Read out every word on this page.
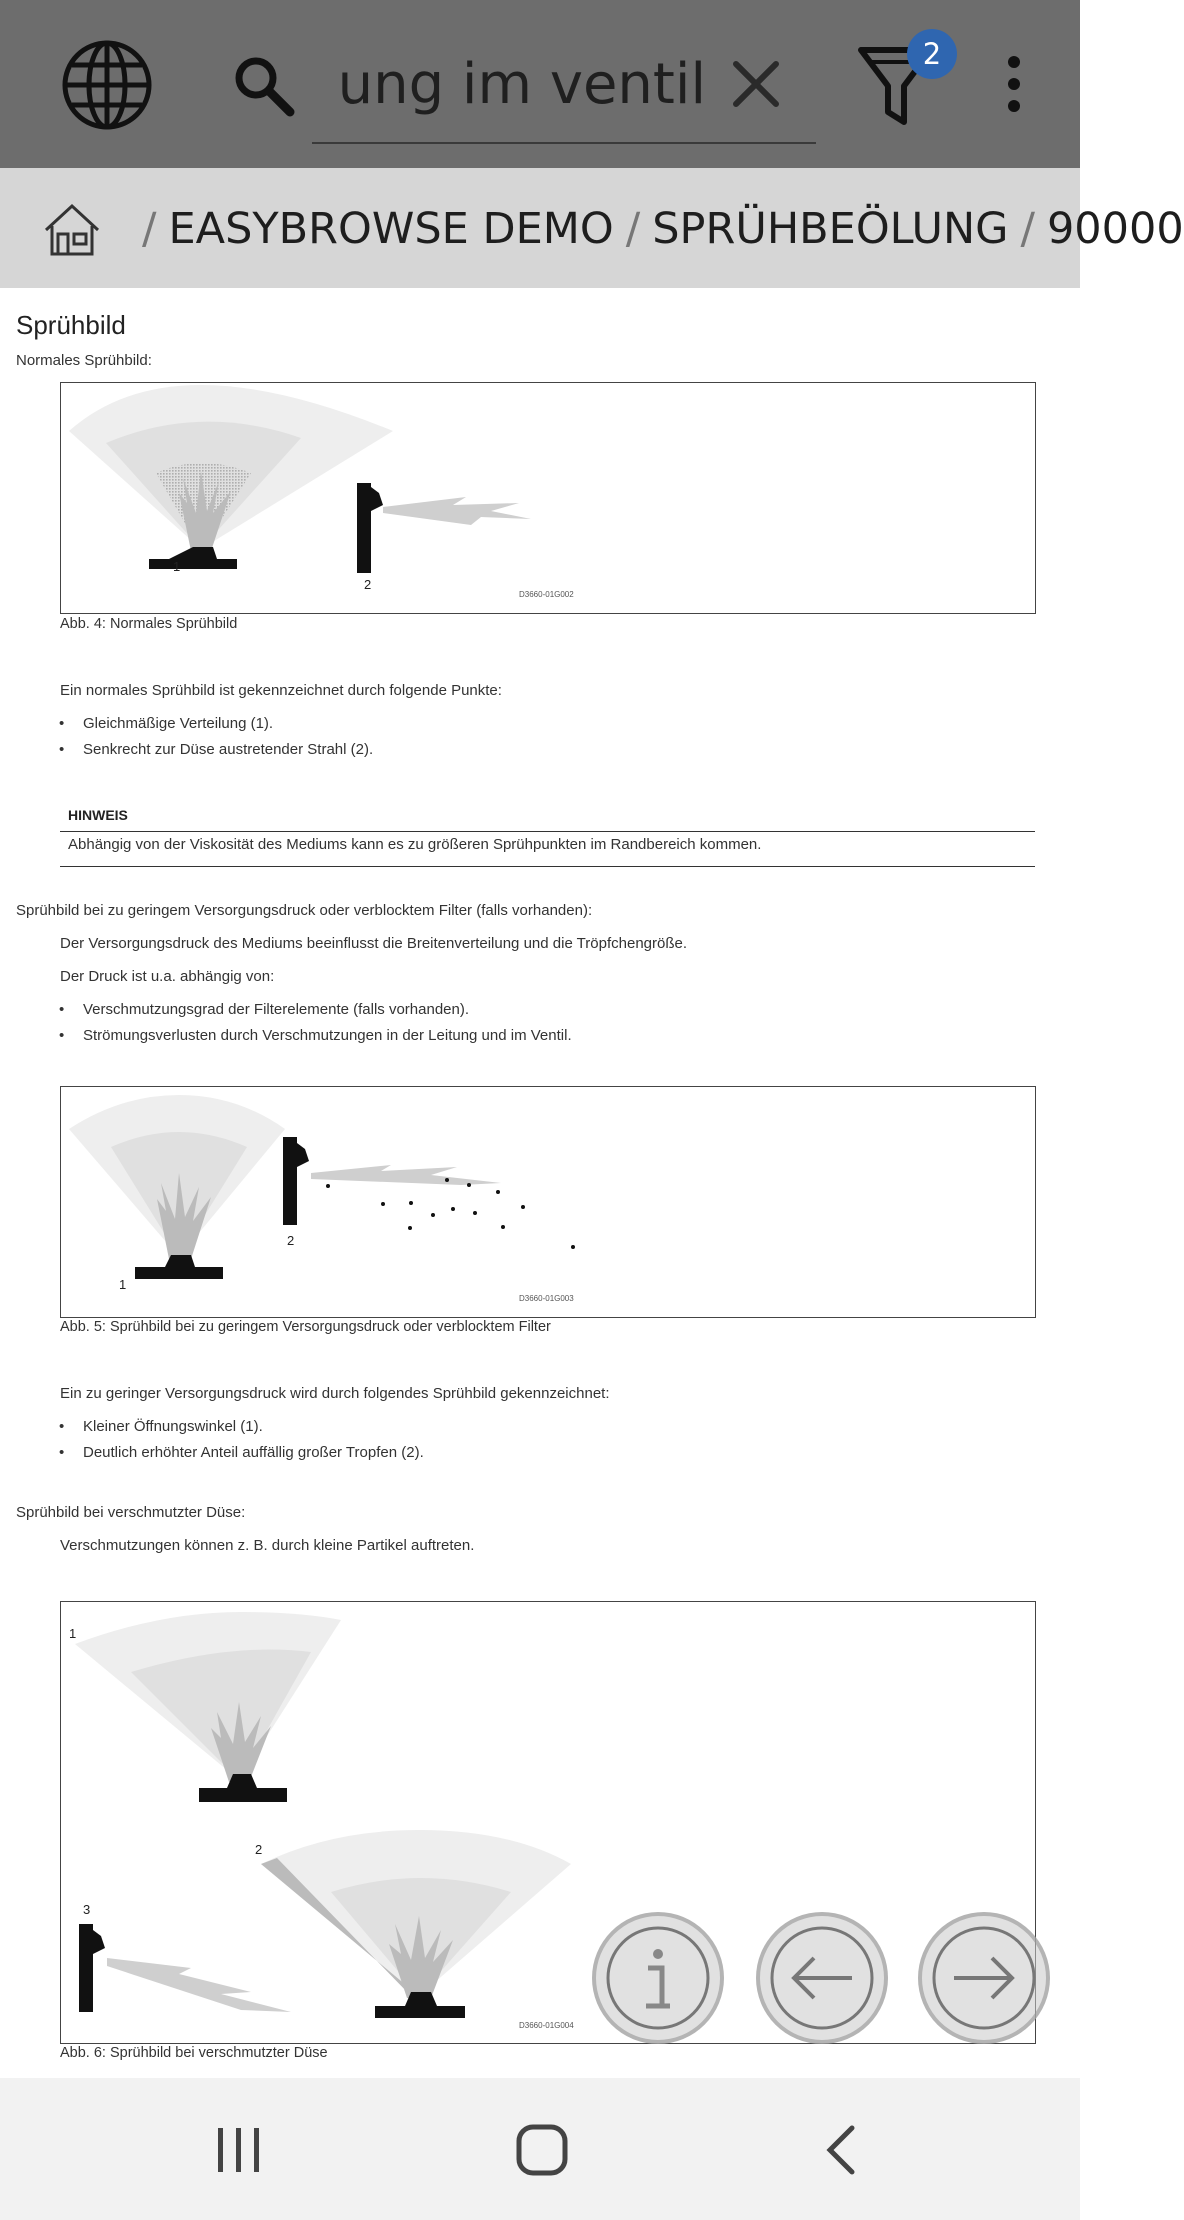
ung im ventil	2
/ EASYBROWSE DEMO / SPRÜHBEÖLUNG / 90000
Sprühbild
Normales Sprühbild:
1
2
D3660-01G002
Abb. 4: Normales Sprühbild
Ein normales Sprühbild ist gekennzeichnet durch folgende Punkte:
• Gleichmäßige Verteilung (1).
• Senkrecht zur Düse austretender Strahl (2).
HINWEIS
Abhängig von der Viskosität des Mediums kann es zu größeren Sprühpunkten im Randbereich kommen.
Sprühbild bei zu geringem Versorgungsdruck oder verblocktem Filter (falls vorhanden):
Der Versorgungsdruck des Mediums beeinflusst die Breitenverteilung und die Tröpfchengröße.
Der Druck ist u.a. abhängig von:
• Verschmutzungsgrad der Filterelemente (falls vorhanden).
• Strömungsverlusten durch Verschmutzungen in der Leitung und im Ventil.
1
2
D3660-01G003
Abb. 5: Sprühbild bei zu geringem Versorgungsdruck oder verblocktem Filter
Ein zu geringer Versorgungsdruck wird durch folgendes Sprühbild gekennzeichnet:
• Kleiner Öffnungswinkel (1).
• Deutlich erhöhter Anteil auffällig großer Tropfen (2).
Sprühbild bei verschmutzter Düse:
Verschmutzungen können z. B. durch kleine Partikel auftreten.
1
2
3
D3660-01G004
Abb. 6: Sprühbild bei verschmutzter Düse
